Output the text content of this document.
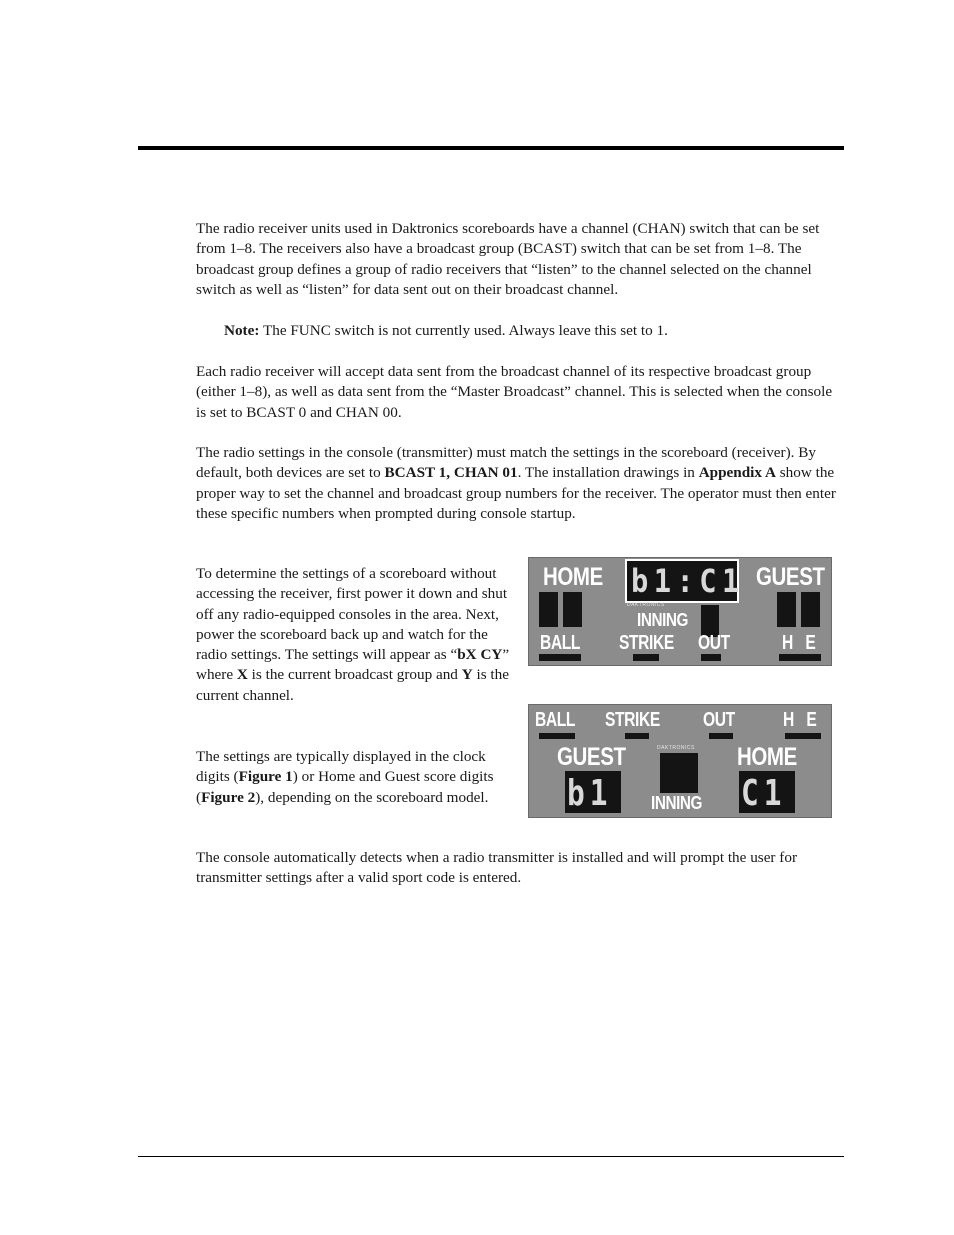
The radio receiver units used in Daktronics scoreboards have a channel (CHAN) switch that can be set from 1–8. The receivers also have a broadcast group (BCAST) switch that can be set from 1–8. The broadcast group defines a group of radio receivers that “listen” to the channel selected on the channel switch as well as “listen” for data sent out on their broadcast channel.

Note: The FUNC switch is not currently used. Always leave this set to 1.

Each radio receiver will accept data sent from the broadcast channel of its respective broadcast group (either 1–8), as well as data sent from the “Master Broadcast” channel. This is selected when the console is set to BCAST 0 and CHAN 00.

The radio settings in the console (transmitter) must match the settings in the scoreboard (receiver). By default, both devices are set to BCAST 1, CHAN 01. The installation drawings in Appendix A show the proper way to set the channel and broadcast group numbers for the receiver. The operator must then enter these specific numbers when prompted during console startup.

To determine the settings of a scoreboard without accessing the receiver, first power it down and shut off any radio-equipped consoles in the area. Next, power the scoreboard back up and watch for the radio settings. The settings will appear as “bX CY” where X is the current broadcast group and Y is the current channel.

The settings are typically displayed in the clock digits (Figure 1) or Home and Guest score digits (Figure 2), depending on the scoreboard model.

The console automatically detects when a radio transmitter is installed and will prompt the user for transmitter settings after a valid sport code is entered.

HOME	GUEST
b1:C1
DAKTRONICS
INNING
BALL STRIKE OUT	H E
BALL STRIKE OUT H E
GUEST	HOME
DAKTRONICS
b1	C1
INNING
